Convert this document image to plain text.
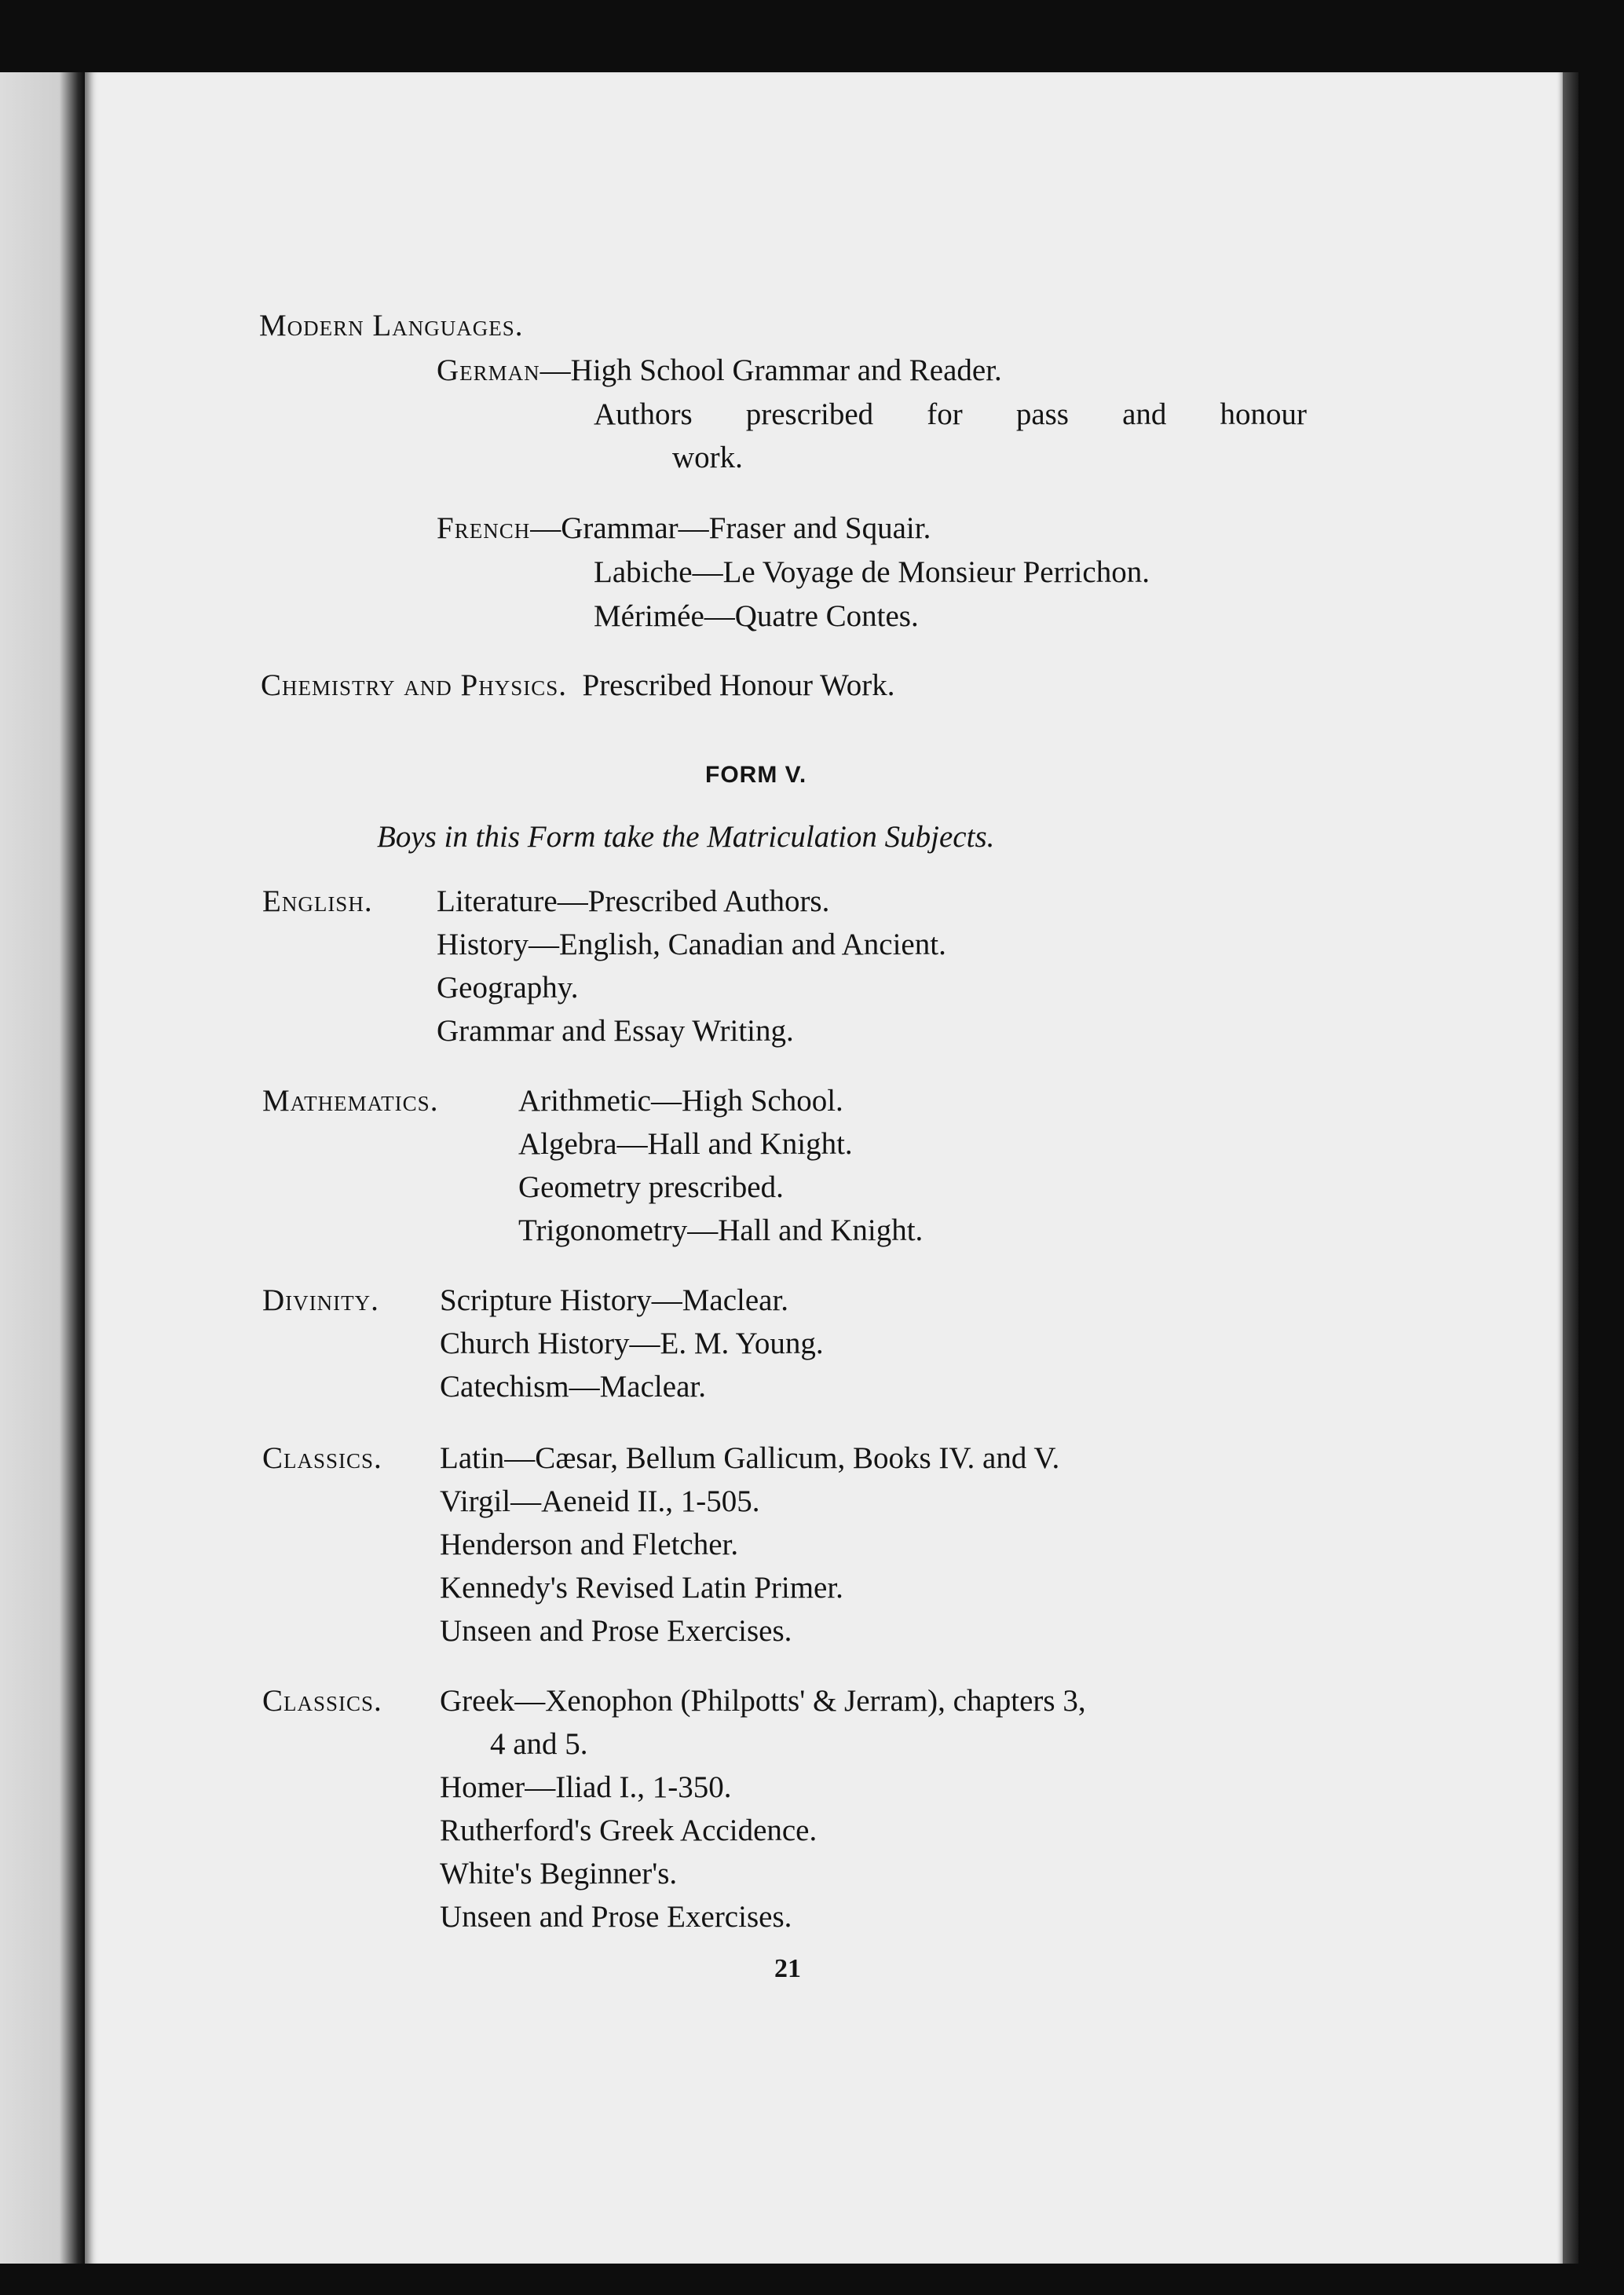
Modern Languages.

German—High School Grammar and Reader.

Authors prescribed for pass and honour

work.

French—Grammar—Fraser and Squair.

Labiche—Le Voyage de Monsieur Perrichon.

Mérimée—Quatre Contes.

Chemistry and Physics. Prescribed Honour Work.

FORM V.

Boys in this Form take the Matriculation Subjects.

English. Literature—Prescribed Authors.

History—English, Canadian and Ancient.

Geography.

Grammar and Essay Writing.

Mathematics.	Arithmetic—High School.

Algebra—Hall and Knight.

Geometry prescribed.

Trigonometry—Hall and Knight.

Divinity. Scripture History—Maclear.

Church History—E. M. Young.

Catechism—Maclear.

Classics. Latin—Cæsar, Bellum Gallicum, Books IV. and V.

Virgil—Aeneid II., 1-505.

Henderson and Fletcher.

Kennedy's Revised Latin Primer.

Unseen and Prose Exercises.

Classics. Greek—Xenophon (Philpotts' & Jerram), chapters 3,

4 and 5.

Homer—Iliad I., 1-350.

Rutherford's Greek Accidence.

White's Beginner's.

Unseen and Prose Exercises.

21
